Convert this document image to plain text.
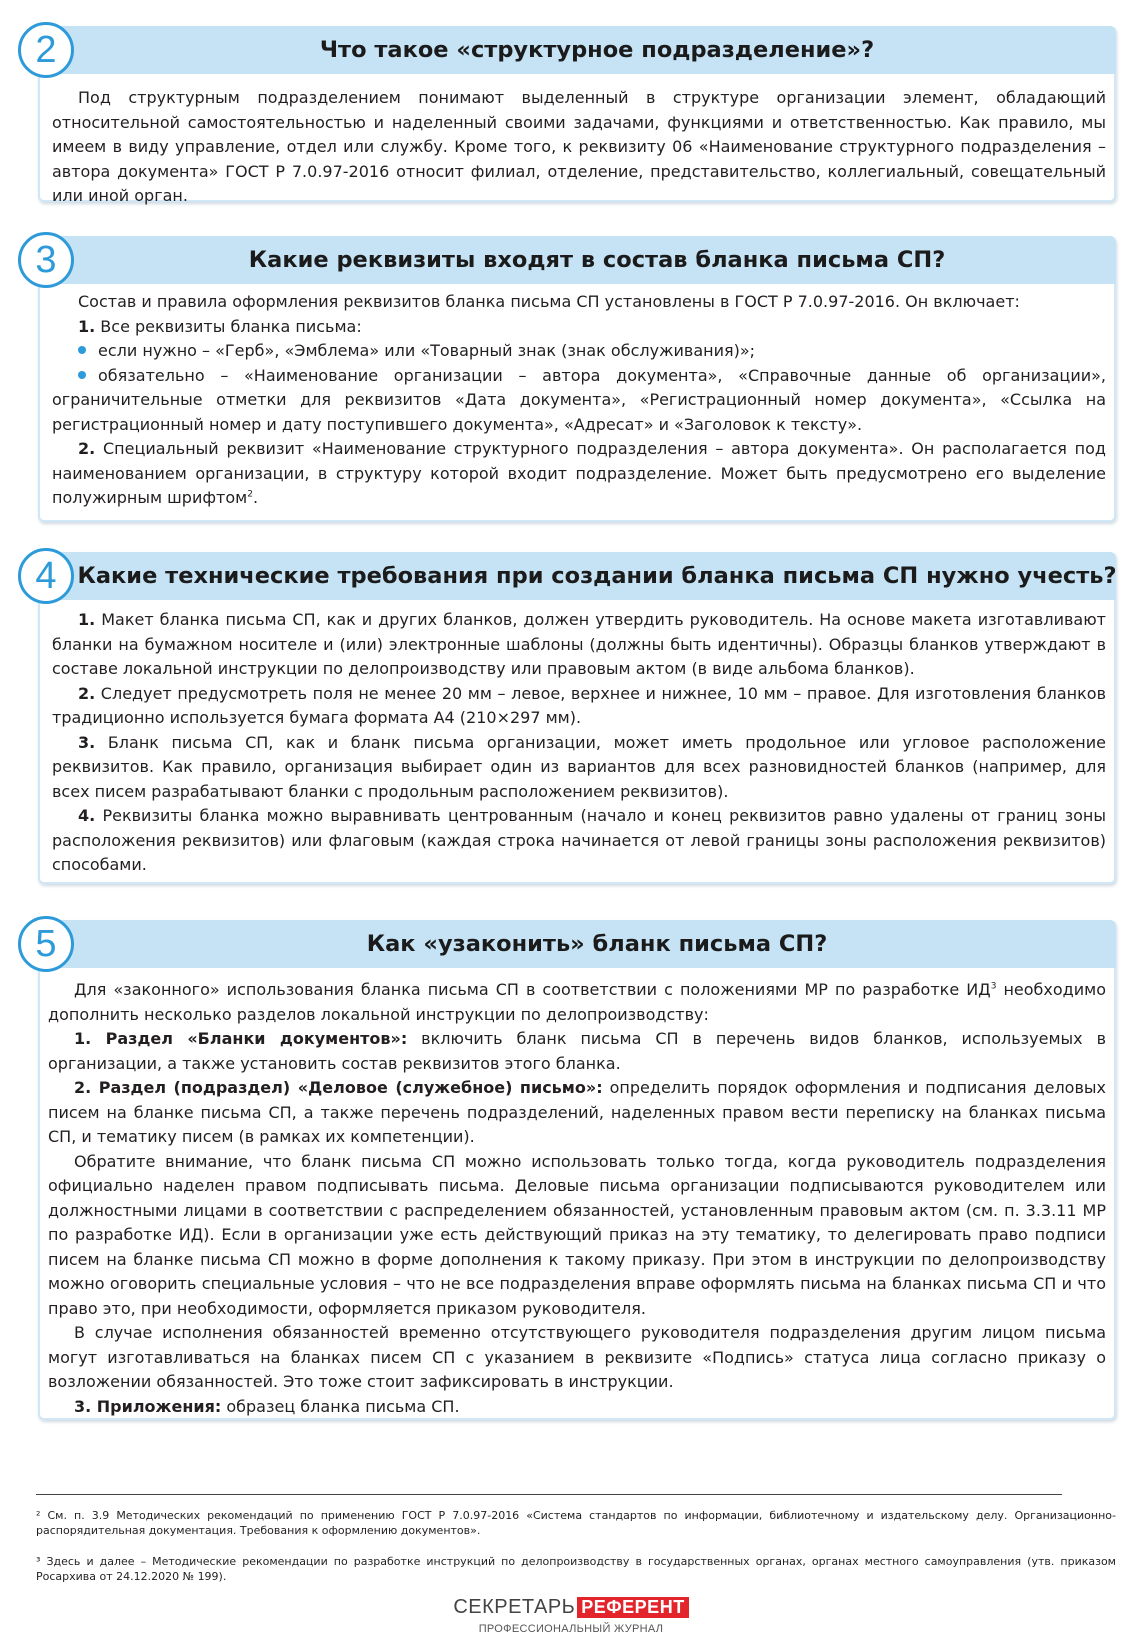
Что такое «структурное подразделение»?
2

Под структурным подразделением понимают выделенный в структуре организации элемент, обладающий относительной самостоятельностью и наделенный своими задачами, функциями и ответственностью. Как правило, мы имеем в виду управление, отдел или службу. Кроме того, к реквизиту 06 «Наименование структурного подразделения – автора документа» ГОСТ Р 7.0.97-2016 относит филиал, отделение, представительство, коллегиальный, совещательный или иной орган.

Какие реквизиты входят в состав бланка письма СП?
3

Состав и правила оформления реквизитов бланка письма СП установлены в ГОСТ Р 7.0.97-2016. Он включает:

1. Все реквизиты бланка письма:

если нужно – «Герб», «Эмблема» или «Товарный знак (знак обслуживания)»;

обязательно – «Наименование организации – автора документа», «Справочные данные об организации», ограничительные отметки для реквизитов «Дата документа», «Регистрационный номер документа», «Ссылка на регистрационный номер и дату поступившего документа», «Адресат» и «Заголовок к тексту».

2. Специальный реквизит «Наименование структурного подразделения – автора документа». Он располагается под наименованием организации, в структуру которой входит подразделение. Может быть предусмотрено его выделение полужирным шрифтом$^2$.

Какие технические требования при создании бланка письма СП нужно учесть?
4

1. Макет бланка письма СП, как и других бланков, должен утвердить руководитель. На основе макета изготавливают бланки на бумажном носителе и (или) электронные шаблоны (должны быть идентичны). Образцы бланков утверждают в составе локальной инструкции по делопроизводству или правовым актом (в виде альбома бланков).

2. Следует предусмотреть поля не менее 20 мм – левое, верхнее и нижнее, 10 мм – правое. Для изготовления бланков традиционно используется бумага формата А4 (210×297 мм).

3. Бланк письма СП, как и бланк письма организации, может иметь продольное или угловое расположение реквизитов. Как правило, организация выбирает один из вариантов для всех разновидностей бланков (например, для всех писем разрабатывают бланки с продольным расположением реквизитов).

4. Реквизиты бланка можно выравнивать центрованным (начало и конец реквизитов равно удалены от границ зоны расположения реквизитов) или флаговым (каждая строка начинается от левой границы зоны расположения реквизитов) способами.

Как «узаконить» бланк письма СП?
5

Для «законного» использования бланка письма СП в соответствии с положениями МР по разработке $ИД^3$ необходимо дополнить несколько разделов локальной инструкции по делопроизводству:

1. Раздел «Бланки документов»: включить бланк письма СП в перечень видов бланков, используемых в организации, а также установить состав реквизитов этого бланка.

2. Раздел (подраздел) «Деловое (служебное) письмо»: определить порядок оформления и подписания деловых писем на бланке письма СП, а также перечень подразделений, наделенных правом вести переписку на бланках письма СП, и тематику писем (в рамках их компетенции).

Обратите внимание, что бланк письма СП можно использовать только тогда, когда руководитель подразделения официально наделен правом подписывать письма. Деловые письма организации подписываются руководителем или должностными лицами в соответствии с распределением обязанностей, установленным правовым актом (см. п. 3.3.11 МР по разработке ИД). Если в организации уже есть действующий приказ на эту тематику, то делегировать право подписи писем на бланке письма СП можно в форме дополнения к такому приказу. При этом в инструкции по делопроизводству можно оговорить специальные условия – что не все подразделения вправе оформлять письма на бланках письма СП и что право это, при необходимости, оформляется приказом руководителя.

В случае исполнения обязанностей временно отсутствующего руководителя подразделения другим лицом письма могут изготавливаться на бланках писем СП с указанием в реквизите «Подпись» статуса лица согласно приказу о возложении обязанностей. Это тоже стоит зафиксировать в инструкции.

3. Приложения: образец бланка письма СП.

² См. п. 3.9 Методических рекомендаций по применению ГОСТ Р 7.0.97-2016 «Система стандартов по информации, библиотечному и издательскому делу. Организационно-распорядительная документация. Требования к оформлению документов».
³ Здесь и далее – Методические рекомендации по разработке инструкций по делопроизводству в государственных органах, органах местного самоуправления (утв. приказом Росархива от 24.12.2020 № 199).
СЕКРЕТАРЬ РЕФЕРЕНТ
ПРОФЕССИОНАЛЬНЫЙ ЖУРНАЛ
